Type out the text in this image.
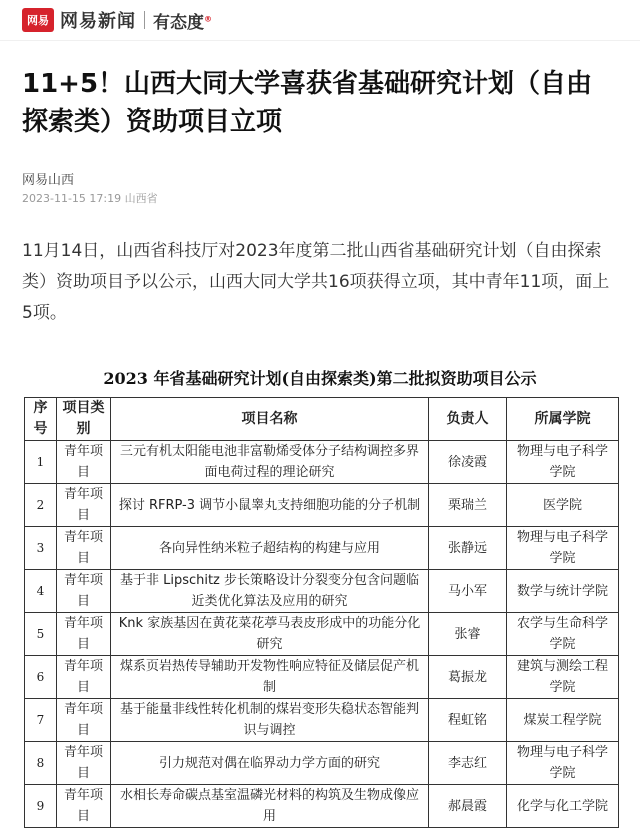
网易 网易新闻 有态度®
11+5！山西大同大学喜获省基础研究计划（自由探索类）资助项目立项
网易山西
2023-11-15 17:19 山西省

11月14日，山西省科技厅对2023年度第二批山西省基础研究计划（自由探索类）资助项目予以公示，山西大同大学共16项获得立项，其中青年11项，面上5项。

2023 年省基础研究计划(自由探索类)第二批拟资助项目公示
序号	项目类别	项目名称	负责人	所属学院
1	青年项目	三元有机太阳能电池非富勒烯受体分子结构调控多界面电荷过程的理论研究	徐凌霞	物理与电子科学学院
2	青年项目	探讨 RFRP-3 调节小鼠睾丸支持细胞功能的分子机制	栗瑞兰	医学院
3	青年项目	各向异性纳米粒子超结构的构建与应用	张静远	物理与电子科学学院
4	青年项目	基于非 Lipschitz 步长策略设计分裂变分包含问题临近类优化算法及应用的研究	马小军	数学与统计学院
5	青年项目	Knk 家族基因在黄花菜花葶马表皮形成中的功能分化研究	张睿	农学与生命科学学院
6	青年项目	煤系页岩热传导辅助开发物性响应特征及储层促产机制	葛振龙	建筑与测绘工程学院
7	青年项目	基于能量非线性转化机制的煤岩变形失稳状态智能判识与调控	程虹铭	煤炭工程学院
8	青年项目	引力规范对偶在临界动力学方面的研究	李志红	物理与电子科学学院
9	青年项目	水相长寿命碳点基室温磷光材料的构筑及生物成像应用	郝晨霞	化学与化工学院
